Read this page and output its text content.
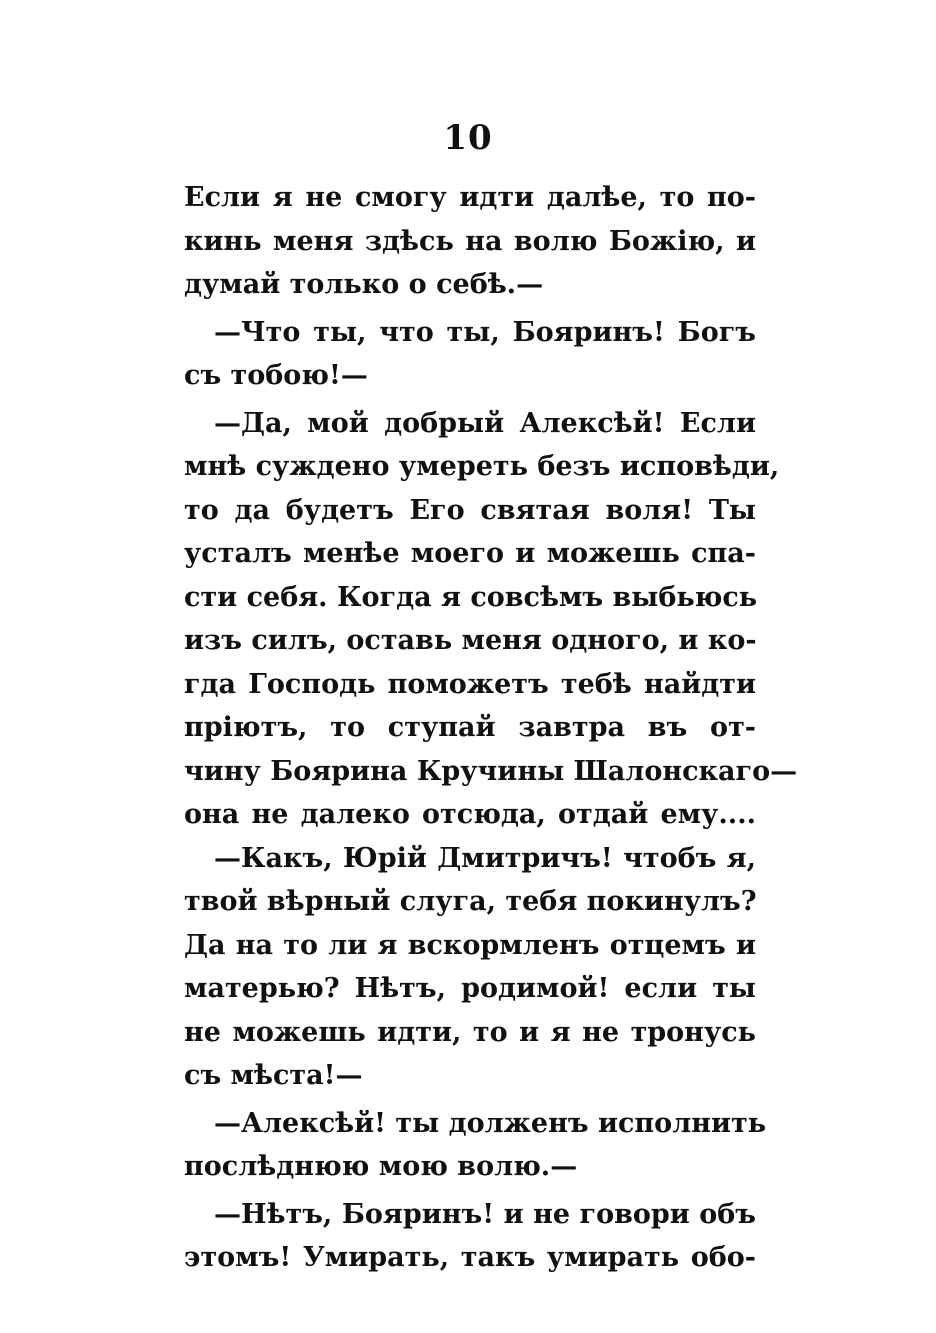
10
Если я не смогу идти далѣе, то по-
кинь меня здѣсь на волю Божію, и
думай только о себѣ.—
—Что ты, что ты, Бояринъ! Богъ
съ тобою!—
—Да, мой добрый Алексѣй! Если
мнѣ суждено умереть безъ исповѣди,
то да будетъ Его святая воля! Ты
усталъ менѣе моего и можешь спа-
сти себя. Когда я совсѣмъ выбьюсь
изъ силъ, оставь меня одного, и ко-
гда Господь поможетъ тебѣ найдти
пріютъ, то ступай завтра въ от-
чину Боярина Кручины Шалонскаго—
она не далеко отсюда, отдай ему....
—Какъ, Юрій Дмитричъ! чтобъ я,
твой вѣрный слуга, тебя покинулъ?
Да на то ли я вскормленъ отцемъ и
матерью? Нѣтъ, родимой! если ты
не можешь идти, то и я не тронусь
съ мѣста!—
—Алексѣй! ты долженъ исполнить
послѣднюю мою волю.—
—Нѣтъ, Бояринъ! и не говори объ
этомъ! Умирать, такъ умирать обо-
